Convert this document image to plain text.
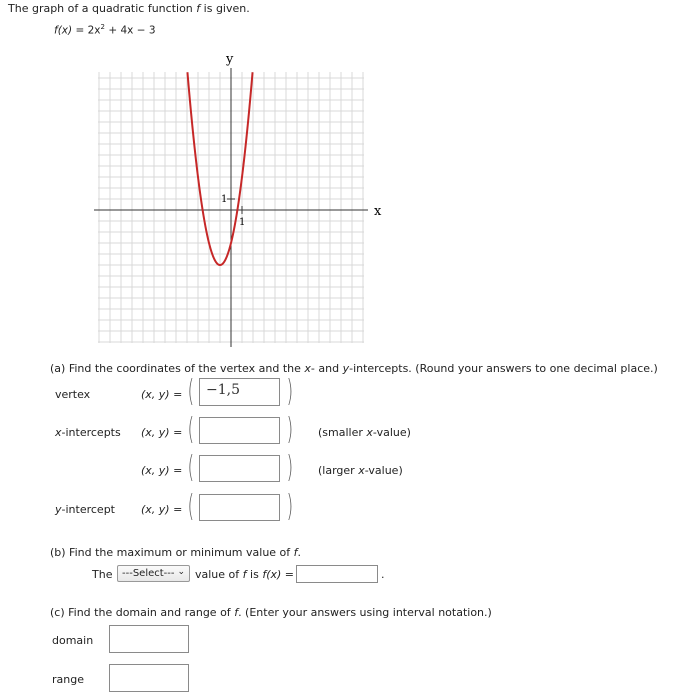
The graph of a quadratic function f is given.
$f(x) = 2x^2 + 4x - 3$
y
x
1
1
(a) Find the coordinates of the vertex and the x- and y-intercepts. (Round your answers to one decimal place.)
vertex	(x, y) = ( −1,5	)
x-intercepts (x, y) = (	) (smaller x-value)
(x, y) = (	) (larger x-value)
y-intercept (x, y) = (	)
(b) Find the maximum or minimum value of f.
The ---Select--- ⌄ value of f is f(x) =	.
(c) Find the domain and range of f. (Enter your answers using interval notation.)
domain
range
